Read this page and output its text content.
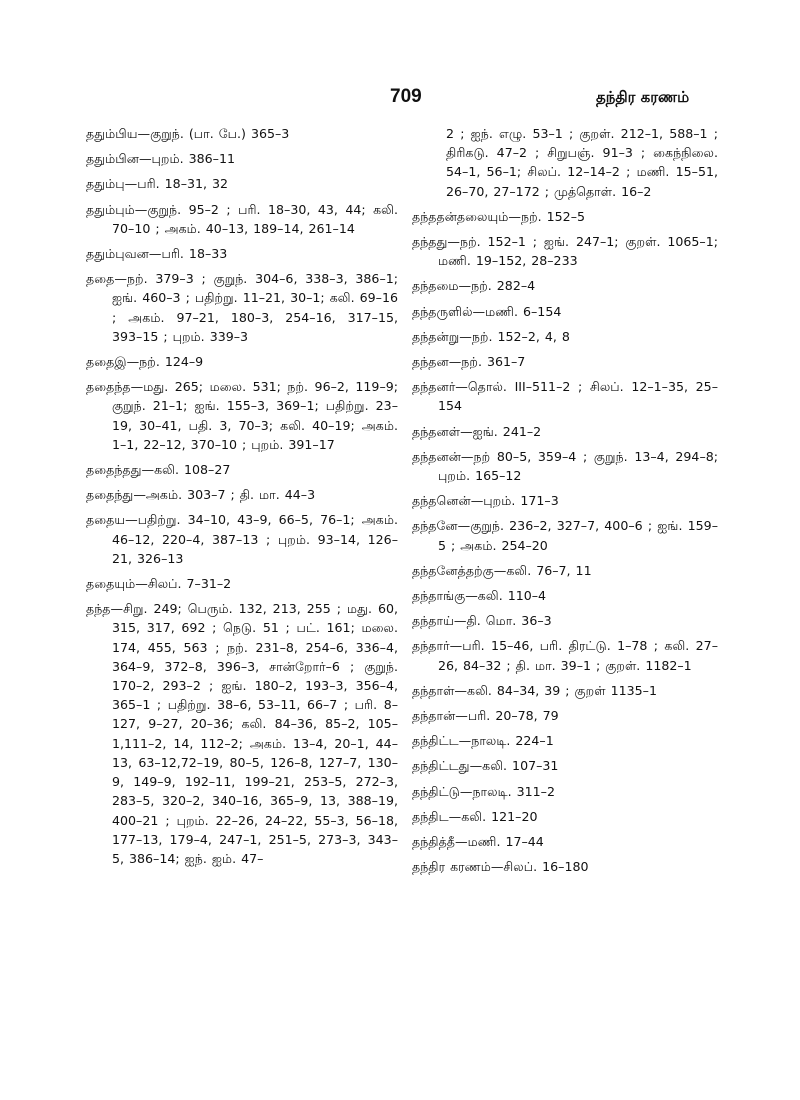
709	தந்திர கரணம்

ததும்பிய—குறுந். (பா. பே.) 365–3

ததும்பின—புறம். 386–11

ததும்பு—பரி. 18–31, 32

ததும்பும்—குறுந். 95–2 ; பரி. 18–30, 43, 44; கலி. 70–10 ; அகம். 40–13, 189–14, 261–14

ததும்புவன—பரி. 18–33

ததை—நற். 379–3 ; குறுந். 304–6, 338–3, 386–1; ஐங். 460–3 ; பதிற்று. 11–21, 30–1; கலி. 69–16 ; அகம். 97–21, 180–3, 254–16, 317–15, 393–15 ; புறம். 339–3

ததைஇ—நற். 124–9

ததைந்த—மது. 265; மலை. 531; நற். 96–2, 119–9; குறுந். 21–1; ஐங். 155–3, 369–1; பதிற்று. 23–19, 30–41, பதி. 3, 70–3; கலி. 40–19; அகம். 1–1, 22–12, 370–10 ; புறம். 391–17

ததைந்தது—கலி. 108–27

ததைந்து—அகம். 303–7 ; தி. மா. 44–3

ததைய—பதிற்று. 34–10, 43–9, 66–5, 76–1; அகம். 46–12, 220–4, 387–13 ; புறம். 93–14, 126–21, 326–13

ததையும்—சிலப். 7–31–2

தந்த—சிறு. 249; பெரும். 132, 213, 255 ; மது. 60, 315, 317, 692 ; நெடு. 51 ; பட். 161; மலை. 174, 455, 563 ; நற். 231–8, 254–6, 336–4, 364–9, 372–8, 396–3, சான்றோர்–6 ; குறுந். 170–2, 293–2 ; ஐங். 180–2, 193–3, 356–4, 365–1 ; பதிற்று. 38–6, 53–11, 66–7 ; பரி. 8–127, 9–27, 20–36; கலி. 84–36, 85–2, 105–1,111–2, 14, 112–2; அகம். 13–4, 20–1, 44–13, 63–12,72–19, 80–5, 126–8, 127–7, 130–9, 149–9, 192–11, 199–21, 253–5, 272–3, 283–5, 320–2, 340–16, 365–9, 13, 388–19, 400–21 ; புறம். 22–26, 24–22, 55–3, 56–18, 177–13, 179–4, 247–1, 251–5, 273–3, 343–5, 386–14; ஐந். ஐம். 47–

2 ; ஐந். எழு. 53–1 ; குறள். 212–1, 588–1 ; திரிகடு. 47–2 ; சிறுபஞ். 91–3 ; கைந்நிலை. 54–1, 56–1; சிலப். 12–14–2 ; மணி. 15–51, 26–70, 27–172 ; முத்தொள். 16–2

தந்ததன்தலையும்—நற். 152–5

தந்தது—நற். 152–1 ; ஐங். 247–1; குறள். 1065–1; மணி. 19–152, 28–233

தந்தமை—நற். 282–4

தந்தருளில்—மணி. 6–154

தந்தன்று—நற். 152–2, 4, 8

தந்தன—நற். 361–7

தந்தனர்—தொல். III–511–2 ; சிலப். 12–1–35, 25–154

தந்தனள்—ஐங். 241–2

தந்தனன்—நற் 80–5, 359–4 ; குறுந். 13–4, 294–8; புறம். 165–12

தந்தனென்—புறம். 171–3

தந்தனே—குறுந். 236–2, 327–7, 400–6 ; ஐங். 159–5 ; அகம். 254–20

தந்தனேத்தற்கு—கலி. 76–7, 11

தந்தாங்கு—கலி. 110–4

தந்தாய்—தி. மொ. 36–3

தந்தார்—பரி. 15–46, பரி. திரட்டு. 1–78 ; கலி. 27–26, 84–32 ; தி. மா. 39–1 ; குறள். 1182–1

தந்தாள்—கலி. 84–34, 39 ; குறள் 1135–1

தந்தான்—பரி. 20–78, 79

தந்திட்ட—நாலடி. 224–1

தந்திட்டது—கலி. 107–31

தந்திட்டு—நாலடி. 311–2

தந்திட—கலி. 121–20

தந்தித்தீ—மணி. 17–44

தந்திர கரணம்—சிலப். 16–180
